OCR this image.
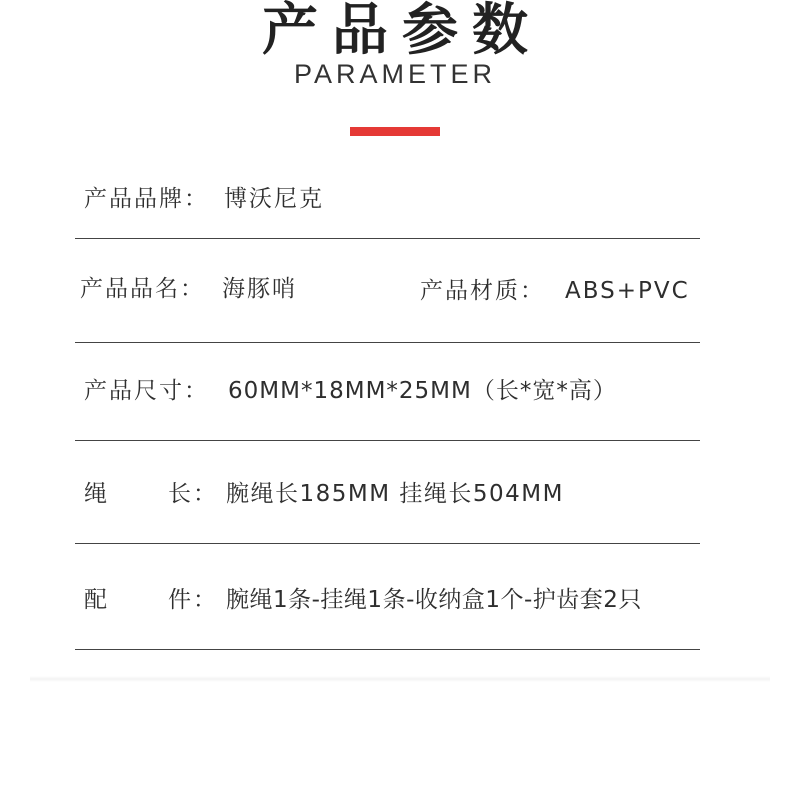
产品参数
PARAMETER
产品品牌： 博沃尼克
产品品名： 海豚哨	产品材质： ABS+PVC
产品尺寸： 60MM*18MM*25MM（长*宽*高）
绳	长： 腕绳长185MM 挂绳长504MM
配	件： 腕绳1条-挂绳1条-收纳盒1个-护齿套2只
